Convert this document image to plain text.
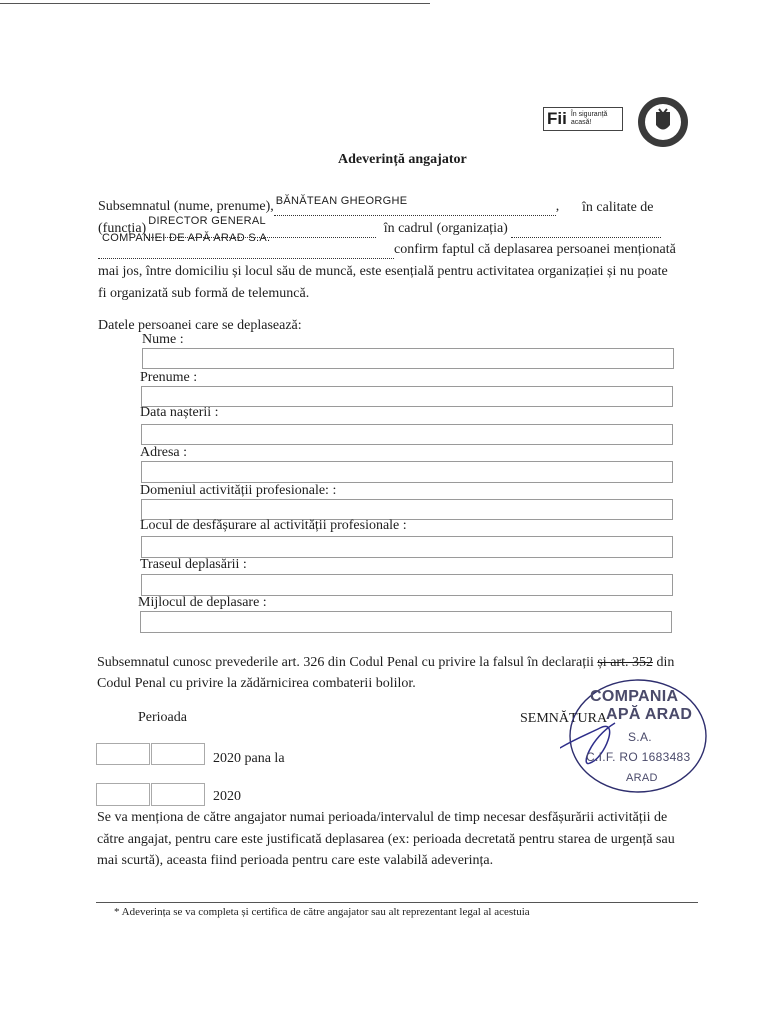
Fii În siguranță
acasă!
Adeverință angajator
Subsemnatul (nume, prenume), BĂNĂTEAN GHEORGHE	, în calitate de
(funcția) DIRECTOR GENERAL	în cadrul (organizația)
COMPANIEI DE APĂ ARAD S.A.
confirm faptul că deplasarea persoanei menționată
mai jos, între domiciliu și locul său de muncă, este esențială pentru activitatea organizației și nu poate
fi organizată sub formă de telemuncă.
Datele persoanei care se deplasează:
Nume :
Prenume :
Data nașterii :
Adresa :
Domeniul activității profesionale: :
Locul de desfășurare al activității profesionale :
Traseul deplasării :
Mijlocul de deplasare :
Subsemnatul cunosc prevederile art. 326 din Codul Penal cu privire la falsul în declarații și art. 352 din
Codul Penal cu privire la zădărnicirea combaterii bolilor.
Perioada
2020 pana la
2020
SEMNĂTURA
COMPANIA
APĂ ARAD
S.A.
C.I.F. RO 1683483
ARAD
Se va menționa de către angajator numai perioada/intervalul de timp necesar desfășurării activității de
către angajat, pentru care este justificată deplasarea (ex: perioada decretată pentru starea de urgență sau
mai scurtă), aceasta fiind perioada pentru care este valabilă adeverința.
* Adeverința se va completa și certifica de către angajator sau alt reprezentant legal al acestuia
